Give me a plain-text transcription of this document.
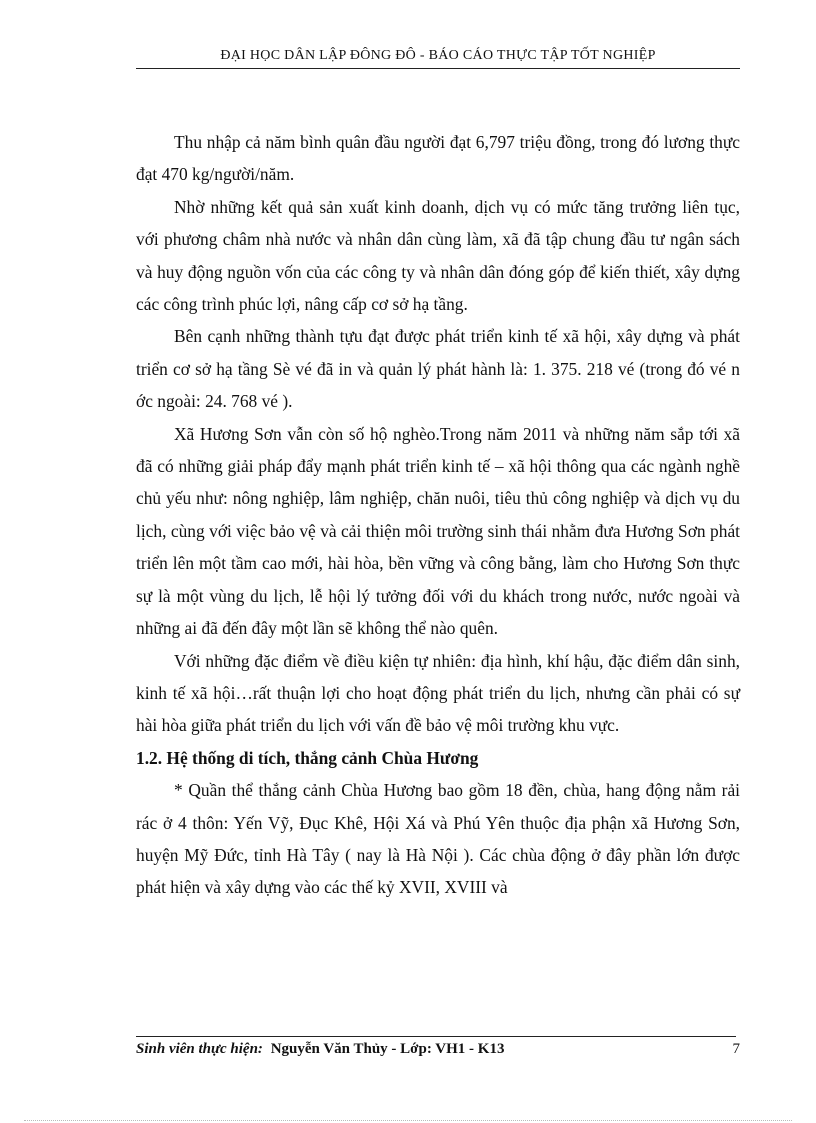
ĐẠI HỌC DÂN LẬP ĐÔNG ĐÔ - BÁO CÁO THỰC TẬP TỐT NGHIỆP

Thu nhập cả năm bình quân đầu người đạt 6,797 triệu đồng, trong đó lương thực đạt 470 kg/người/năm.

Nhờ những kết quả sản xuất kinh doanh, dịch vụ có mức tăng trưởng liên tục, với phương châm nhà nước và nhân dân cùng làm, xã đã tập chung đầu tư ngân sách và huy động nguồn vốn của các công ty và nhân dân đóng góp để kiến thiết, xây dựng các công trình phúc lợi, nâng cấp cơ sở hạ tầng.

Bên cạnh những thành tựu đạt được phát triển kinh tế xã hội, xây dựng và phát triển cơ sở hạ tầng Sè vé đã in và quản lý phát hành là: 1. 375. 218 vé (trong đó vé n ớc ngoài: 24. 768 vé ).

Xã Hương Sơn vẫn còn số hộ nghèo.Trong năm 2011 và những năm sắp tới xã đã có những giải pháp đẩy mạnh phát triển kinh tế – xã hội thông qua các ngành nghề chủ yếu như: nông nghiệp, lâm nghiệp, chăn nuôi, tiêu thủ công nghiệp và dịch vụ du lịch, cùng với việc bảo vệ và cải thiện môi trường sinh thái nhằm đưa Hương Sơn phát triển lên một tầm cao mới, hài hòa, bền vững và công bằng, làm cho Hương Sơn thực sự là một vùng du lịch, lễ hội lý tưởng đối với du khách trong nước, nước ngoài và những ai đã đến đây một lần sẽ không thể nào quên.

Với những đặc điểm về điều kiện tự nhiên: địa hình, khí hậu, đặc điểm dân sinh, kinh tế xã hội…rất thuận lợi cho hoạt động phát triển du lịch, nhưng cần phải có sự hài hòa giữa phát triển du lịch với vấn đề bảo vệ môi trường khu vực.

1.2. Hệ thống di tích, thắng cảnh Chùa Hương

* Quần thể thắng cảnh Chùa Hương bao gồm 18 đền, chùa, hang động nằm rải rác ở 4 thôn: Yến Vỹ, Đục Khê, Hội Xá và Phú Yên thuộc địa phận xã Hương Sơn, huyện Mỹ Đức, tỉnh Hà Tây ( nay là Hà Nội ). Các chùa động ở đây phần lớn được phát hiện và xây dựng vào các thế kỷ XVII, XVIII và

Sinh viên thực hiện: Nguyễn Văn Thủy - Lớp: VH1 - K13	7
